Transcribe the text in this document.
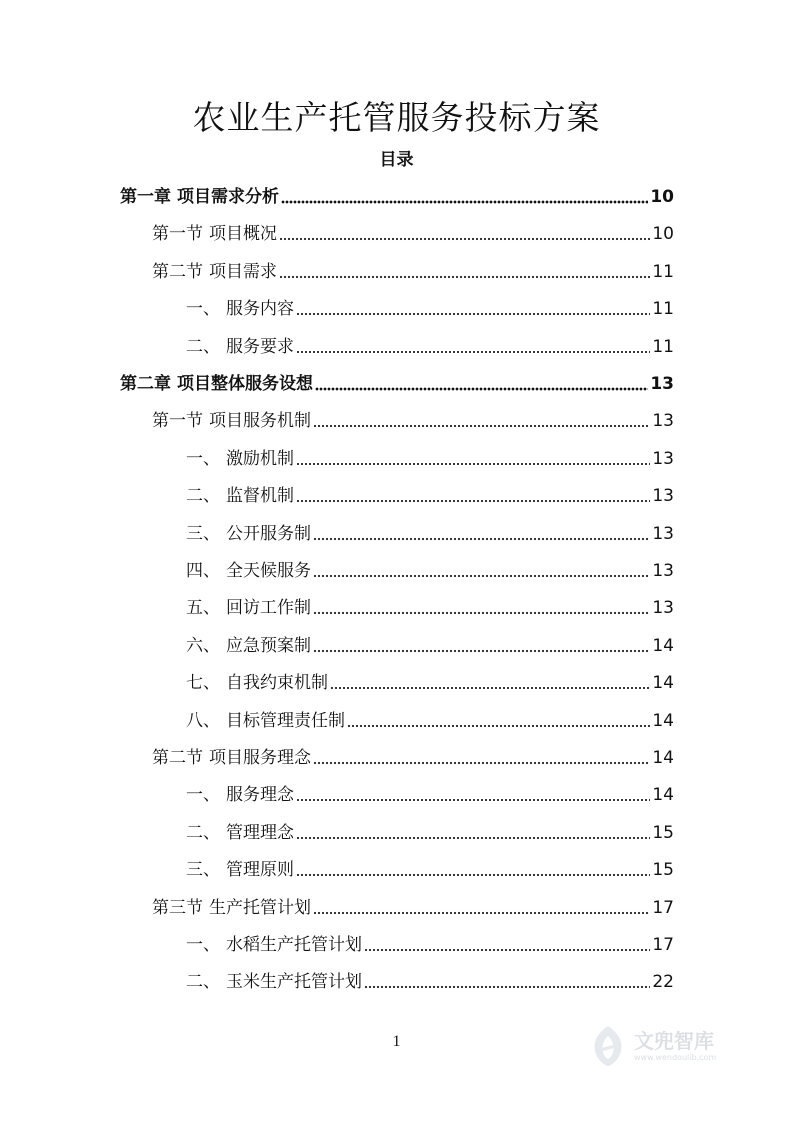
农业生产托管服务投标方案
目录
第一章 项目需求分析	10
第一节 项目概况	10
第二节 项目需求	11
一、 服务内容	11
二、 服务要求	11
第二章 项目整体服务设想	13
第一节 项目服务机制	13
一、 激励机制	13
二、 监督机制	13
三、 公开服务制	13
四、 全天候服务	13
五、 回访工作制	13
六、 应急预案制	14
七、 自我约束机制	14
八、 目标管理责任制	14
第二节 项目服务理念	14
一、 服务理念	14
二、 管理理念	15
三、 管理原则	15
第三节 生产托管计划	17
一、 水稻生产托管计划	17
二、 玉米生产托管计划	22
1	文兜智库
www.wendoulib.com
